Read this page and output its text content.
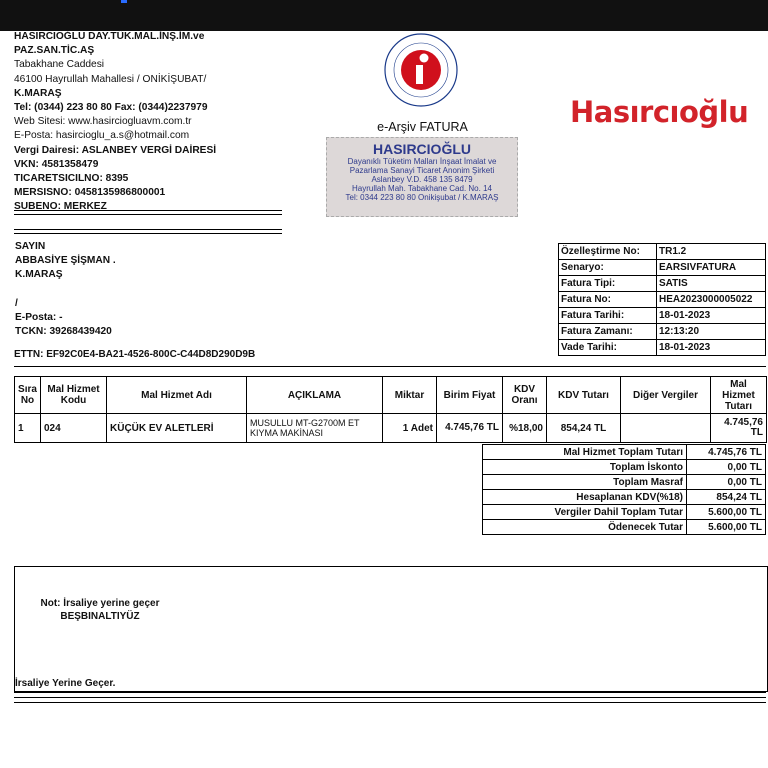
HASIRCIOĞLU DAY.TÜK.MAL.İNŞ.İM.ve
PAZ.SAN.TİC.AŞ
Tabakhane Caddesi
46100 Hayrullah Mahallesi / ONİKİŞUBAT/
K.MARAŞ
Tel: (0344) 223 80 80 Fax: (0344)2237979
Web Sitesi: www.hasirciogluavm.com.tr
E-Posta: hasircioglu_a.s@hotmail.com
Vergi Dairesi: ASLANBEY VERGİ DAİRESİ
VKN: 4581358479
TICARETSICILNO: 8395
MERSISNO: 0458135986800001
SUBENO: MERKEZ
e-Arşiv FATURA
HASIRCIOĞLU
Dayanıklı Tüketim Malları İnşaat İmalat ve
Pazarlama Sanayi Ticaret Anonim Şirketi
Aslanbey V.D. 458 135 8479
Hayrullah Mah. Tabakhane Cad. No. 14
Tel: 0344 223 80 80 Onikişubat / K.MARAŞ
Hasırcıoğlu
SAYIN
ABBASİYE ŞİŞMAN .
K.MARAŞ
/
E-Posta: -
TCKN: 39268439420
Özelleştirme No:	TR1.2
Senaryo:	EARSIVFATURA
Fatura Tipi:	SATIS
Fatura No:	HEA2023000005022
Fatura Tarihi:	18-01-2023
Fatura Zamanı:	12:13:20
Vade Tarihi:	18-01-2023
ETTN: EF92C0E4-BA21-4526-800C-C44D8D290D9B
Sıra No	Mal Hizmet Kodu	Mal Hizmet Adı	AÇIKLAMA	Miktar	Birim Fiyat	KDV Oranı	KDV Tutarı	Diğer Vergiler	Mal Hizmet Tutarı
1	024	KÜÇÜK EV ALETLERİ	MUSULLU MT-G2700M ET KIYMA MAKİNASI	1 Adet	4.745,76 TL	%18,00	854,24 TL		4.745,76 TL
Mal Hizmet Toplam Tutarı	4.745,76 TL
Toplam İskonto	0,00 TL
Toplam Masraf	0,00 TL
Hesaplanan KDV(%18)	854,24 TL
Vergiler Dahil Toplam Tutar	5.600,00 TL
Ödenecek Tutar	5.600,00 TL
Not: İrsaliye yerine geçer
BEŞBINALTIYÜZ
İrsaliye Yerine Geçer.
